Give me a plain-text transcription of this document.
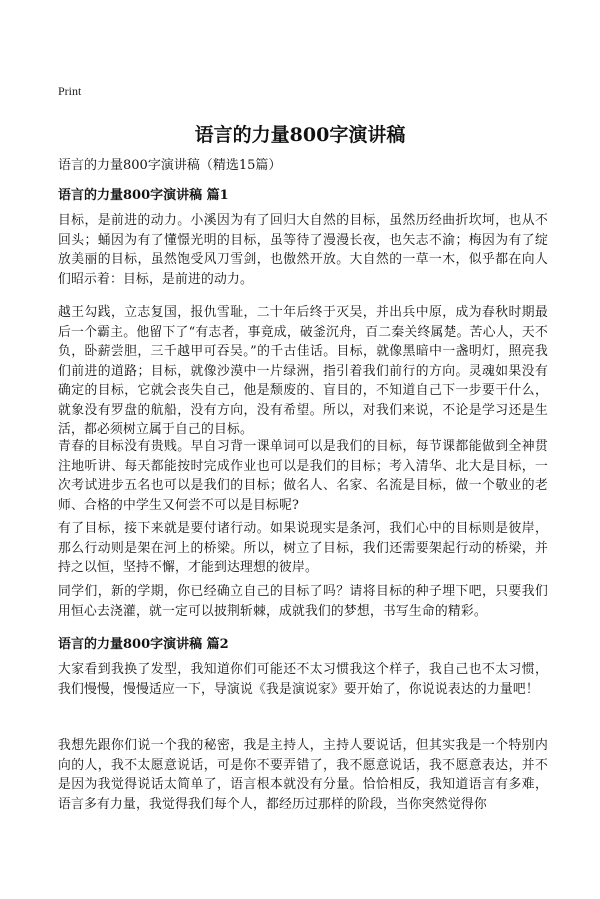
Print
语言的力量800字演讲稿
语言的力量800字演讲稿（精选15篇）

语言的力量800字演讲稿 篇1

目标，是前进的动力。小溪因为有了回归大自然的目标，虽然历经曲折坎坷，也从不回头；蛹因为有了懂憬光明的目标，虽等待了漫漫长夜，也矢志不渝；梅因为有了绽放美丽的目标，虽然饱受风刀雪剑，也傲然开放。大自然的一草一木，似乎都在向人们昭示着：目标，是前进的动力。

越王勾践，立志复国，报仇雪耻，二十年后终于灭吴，并出兵中原，成为春秋时期最后一个霸主。他留下了“有志者，事竟成，破釜沉舟，百二秦关终属楚。苦心人，天不负，卧薪尝胆，三千越甲可吞吴。”的千古佳话。目标，就像黑暗中一盏明灯，照亮我们前进的道路；目标，就像沙漠中一片绿洲，指引着我们前行的方向。灵魂如果没有确定的目标，它就会丧失自己，他是颓废的、盲目的，不知道自己下一步要干什么，就象没有罗盘的航船，没有方向，没有希望。所以，对我们来说，不论是学习还是生活，都必须树立属于自己的目标。

青春的目标没有贵贱。早自习背一课单词可以是我们的目标，每节课都能做到全神贯注地听讲、每天都能按时完成作业也可以是我们的目标；考入清华、北大是目标，一次考试进步五名也可以是我们的目标；做名人、名家、名流是目标，做一个敬业的老师、合格的中学生又何尝不可以是目标呢?

有了目标，接下来就是要付诸行动。如果说现实是条河，我们心中的目标则是彼岸，那么行动则是架在河上的桥梁。所以，树立了目标，我们还需要架起行动的桥梁，并持之以恒，坚持不懈，才能到达理想的彼岸。

同学们，新的学期，你已经确立自己的目标了吗？请将目标的种子埋下吧，只要我们用恒心去浇灌，就一定可以披荆斩棘，成就我们的梦想，书写生命的精彩。

语言的力量800字演讲稿 篇2

大家看到我换了发型，我知道你们可能还不太习惯我这个样子，我自己也不太习惯，我们慢慢，慢慢适应一下，导演说《我是演说家》要开始了，你说说表达的力量吧！

我想先跟你们说一个我的秘密，我是主持人，主持人要说话，但其实我是一个特别内向的人，我不太愿意说话，可是你不要弄错了，我不愿意说话，我不愿意表达，并不是因为我觉得说话太简单了，语言根本就没有分量。恰恰相反，我知道语言有多难，语言多有力量，我觉得我们每个人，都经历过那样的阶段，当你突然觉得你
